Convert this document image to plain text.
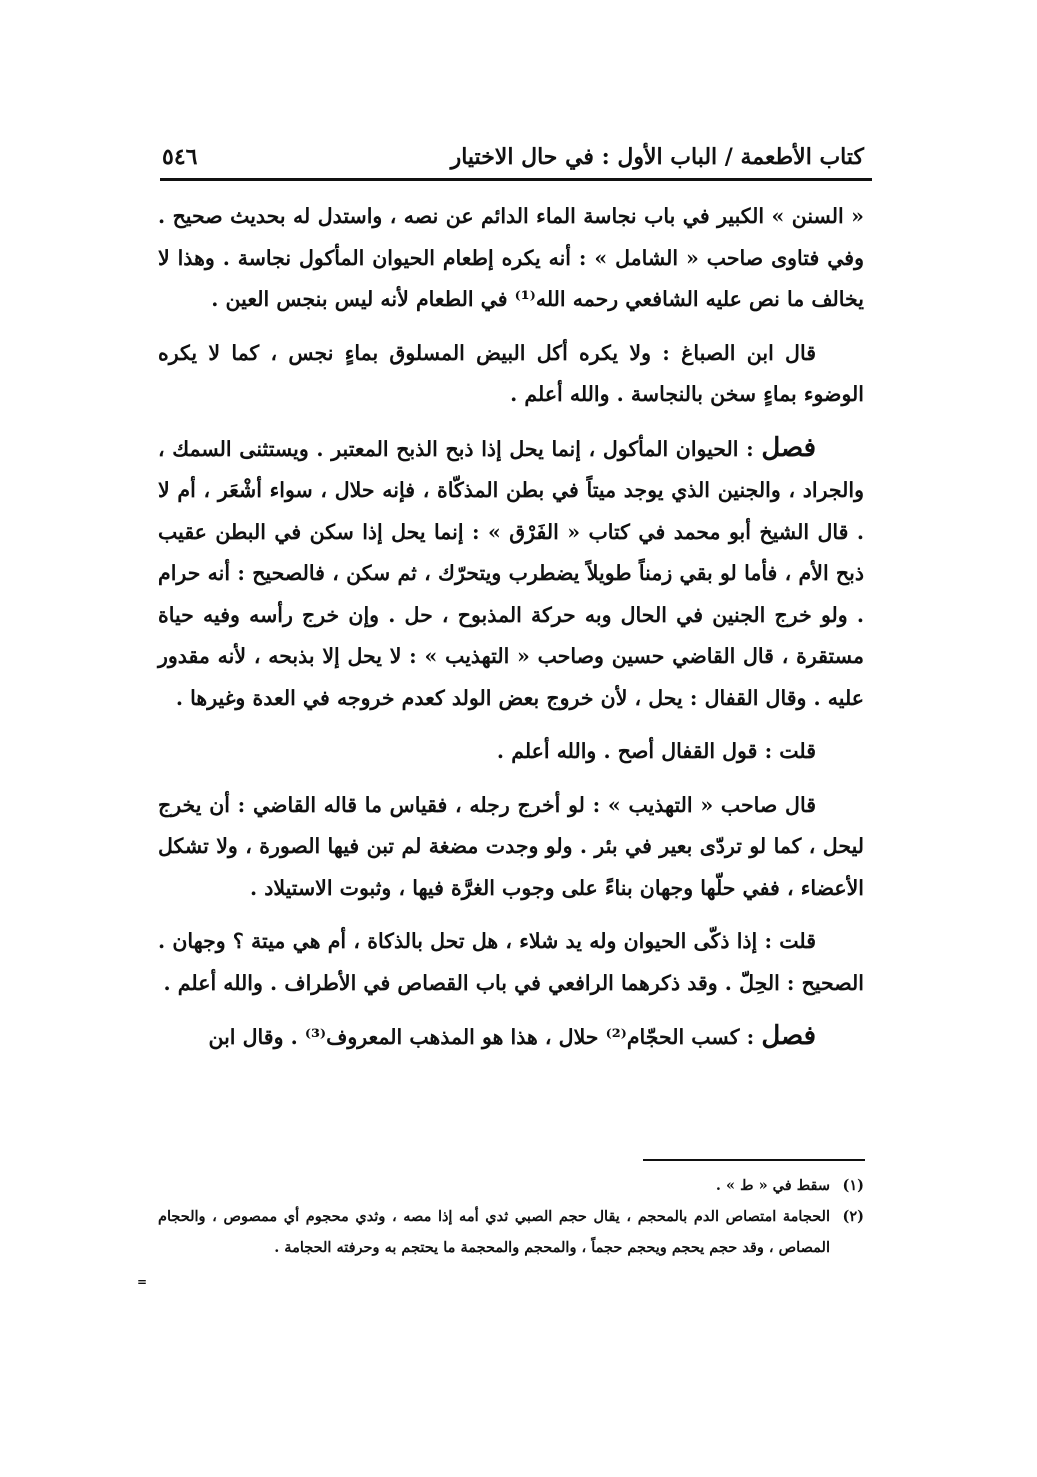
كتاب الأطعمة / الباب الأول : في حال الاختيار
٥٤٦

« السنن » الكبير في باب نجاسة الماء الدائم عن نصه ، واستدل له بحديث صحيح . وفي فتاوى صاحب « الشامل » : أنه يكره إطعام الحيوان المأكول نجاسة . وهذا لا يخالف ما نص عليه الشافعي رحمه الله⁽¹⁾ في الطعام لأنه ليس بنجس العين .

قال ابن الصباغ : ولا يكره أكل البيض المسلوق بماءٍ نجس ، كما لا يكره الوضوء بماءٍ سخن بالنجاسة . والله أعلم .

فصل : الحيوان المأكول ، إنما يحل إذا ذبح الذبح المعتبر . ويستثنى السمك ، والجراد ، والجنين الذي يوجد ميتاً في بطن المذكّاة ، فإنه حلال ، سواء أشْعَر ، أم لا . قال الشيخ أبو محمد في كتاب « الفَرْق » : إنما يحل إذا سكن في البطن عقيب ذبح الأم ، فأما لو بقي زمناً طويلاً يضطرب ويتحرّك ، ثم سكن ، فالصحيح : أنه حرام . ولو خرج الجنين في الحال وبه حركة المذبوح ، حل . وإن خرج رأسه وفيه حياة مستقرة ، قال القاضي حسين وصاحب « التهذيب » : لا يحل إلا بذبحه ، لأنه مقدور عليه . وقال القفال : يحل ، لأن خروج بعض الولد كعدم خروجه في العدة وغيرها .

قلت : قول القفال أصح . والله أعلم .

قال صاحب « التهذيب » : لو أخرج رجله ، فقياس ما قاله القاضي : أن يخرج ليحل ، كما لو تردّى بعير في بئر . ولو وجدت مضغة لم تبن فيها الصورة ، ولا تشكل الأعضاء ، ففي حلّها وجهان بناءً على وجوب الغرَّة فيها ، وثبوت الاستيلاد .

قلت : إذا ذكّى الحيوان وله يد شلاء ، هل تحل بالذكاة ، أم هي ميتة ؟ وجهان . الصحيح : الحِلّ . وقد ذكرهما الرافعي في باب القصاص في الأطراف . والله أعلم .

فصل : كسب الحجّام⁽²⁾ حلال ، هذا هو المذهب المعروف⁽³⁾ . وقال ابن

(١)
سقط في « ط » .

(٢)
الحجامة امتصاص الدم بالمحجم ، يقال حجم الصبي ثدي أمه إذا مصه ، وثدي محجوم أي ممصوص ، والحجام المصاص ، وقد حجم يحجم ويحجم حجماً ، والمحجم والمحجمة ما يحتجم به وحرفته الحجامة .

=
